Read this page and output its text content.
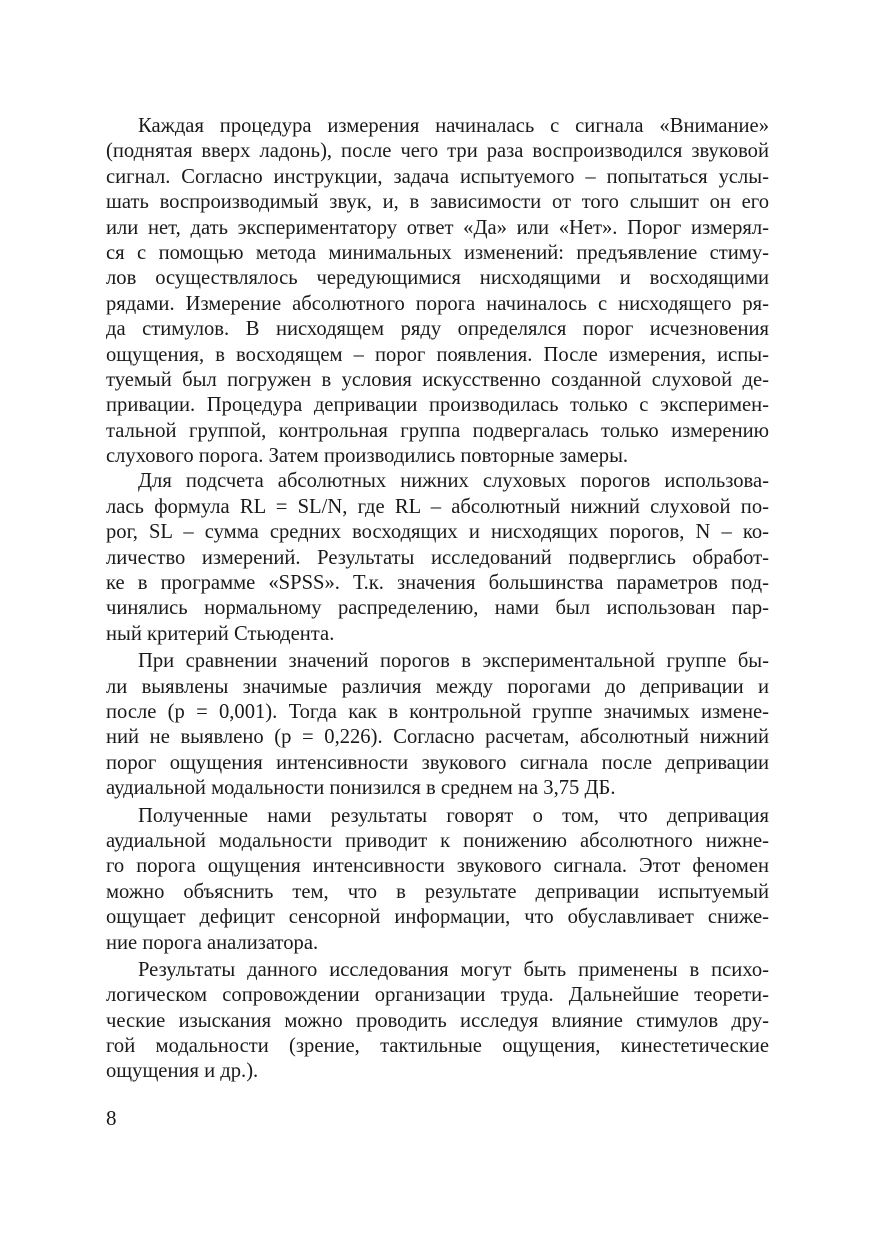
Каждая процедура измерения начиналась с сигнала «Внимание»
(поднятая вверх ладонь), после чего три раза воспроизводился звуковой
сигнал. Согласно инструкции, задача испытуемого – попытаться услы-
шать воспроизводимый звук, и, в зависимости от того слышит он его
или нет, дать экспериментатору ответ «Да» или «Нет». Порог измерял-
ся с помощью метода минимальных изменений: предъявление стиму-
лов осуществлялось чередующимися нисходящими и восходящими
рядами. Измерение абсолютного порога начиналось с нисходящего ря-
да стимулов. В нисходящем ряду определялся порог исчезновения
ощущения, в восходящем – порог появления. После измерения, испы-
туемый был погружен в условия искусственно созданной слуховой де-
привации. Процедура депривации производилась только с эксперимен-
тальной группой, контрольная группа подвергалась только измерению
слухового порога. Затем производились повторные замеры.
Для подсчета абсолютных нижних слуховых порогов использова-
лась формула RL = SL/N, где RL – абсолютный нижний слуховой по-
рог, SL – сумма средних восходящих и нисходящих порогов, N – ко-
личество измерений. Результаты исследований подверглись обработ-
ке в программе «SPSS». Т.к. значения большинства параметров под-
чинялись нормальному распределению, нами был использован пар-
ный критерий Стьюдента.
При сравнении значений порогов в экспериментальной группе бы-
ли выявлены значимые различия между порогами до депривации и
после (р = 0,001). Тогда как в контрольной группе значимых измене-
ний не выявлено (р = 0,226). Согласно расчетам, абсолютный нижний
порог ощущения интенсивности звукового сигнала после депривации
аудиальной модальности понизился в среднем на 3,75 ДБ.
Полученные нами результаты говорят о том, что депривация
аудиальной модальности приводит к понижению абсолютного нижне-
го порога ощущения интенсивности звукового сигнала. Этот феномен
можно объяснить тем, что в результате депривации испытуемый
ощущает дефицит сенсорной информации, что обуславливает сниже-
ние порога анализатора.
Результаты данного исследования могут быть применены в психо-
логическом сопровождении организации труда. Дальнейшие теорети-
ческие изыскания можно проводить исследуя влияние стимулов дру-
гой модальности (зрение, тактильные ощущения, кинестетические
ощущения и др.).
8
